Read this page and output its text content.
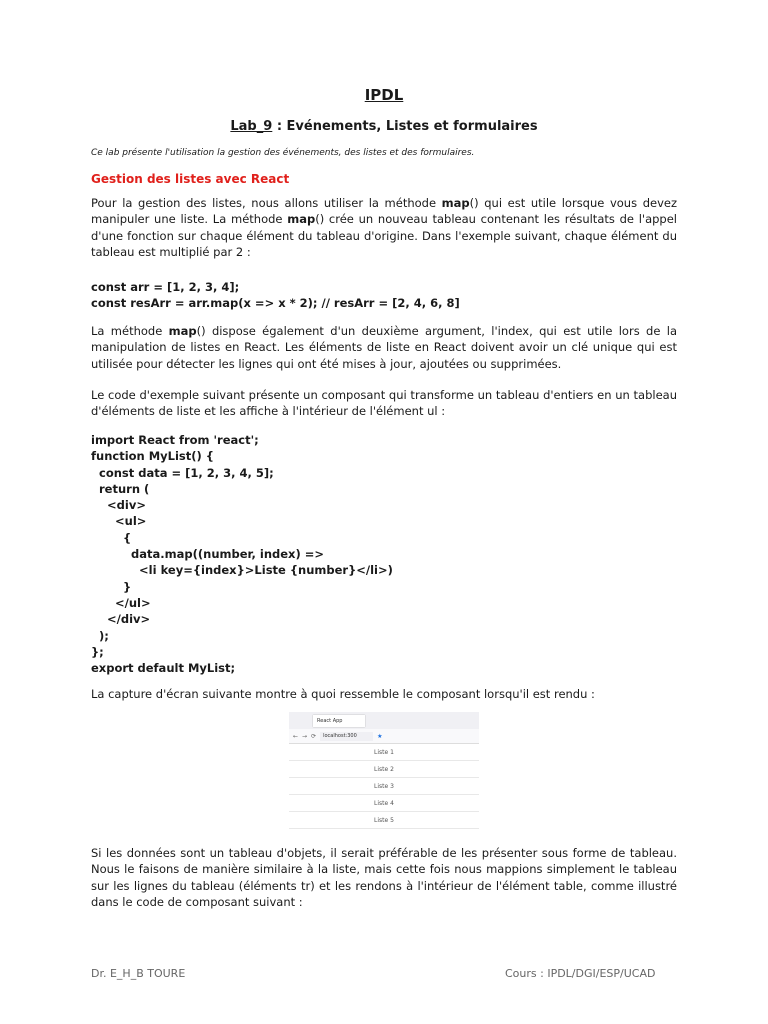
IPDL
Lab_9 : Evénements, Listes et formulaires
Ce lab présente l'utilisation la gestion des événements, des listes et des formulaires.
Gestion des listes avec React
Pour la gestion des listes, nous allons utiliser la méthode map() qui est utile lorsque vous devez manipuler une liste. La méthode map() crée un nouveau tableau contenant les résultats de l'appel d'une fonction sur chaque élément du tableau d'origine. Dans l'exemple suivant, chaque élément du tableau est multiplié par 2 :
const arr = [1, 2, 3, 4];
const resArr = arr.map(x => x * 2); // resArr = [2, 4, 6, 8]
La méthode map() dispose également d'un deuxième argument, l'index, qui est utile lors de la manipulation de listes en React. Les éléments de liste en React doivent avoir un clé unique qui est utilisée pour détecter les lignes qui ont été mises à jour, ajoutées ou supprimées.
Le code d'exemple suivant présente un composant qui transforme un tableau d'entiers en un tableau d'éléments de liste et les affiche à l'intérieur de l'élément ul :
import React from 'react';
function MyList() {
const data = [1, 2, 3, 4, 5];
return (
<div>
<ul>
{
data.map((number, index) =>
<li key={index}>Liste {number}</li>)
}
</ul>
</div>
);
};
export default MyList;
La capture d'écran suivante montre à quoi ressemble le composant lorsqu'il est rendu :
React App
← → ⟳	localhost:300	★
Liste 1
Liste 2
Liste 3
Liste 4
Liste 5
Si les données sont un tableau d'objets, il serait préférable de les présenter sous forme de tableau. Nous le faisons de manière similaire à la liste, mais cette fois nous mappions simplement le tableau sur les lignes du tableau (éléments tr) et les rendons à l'intérieur de l'élément table, comme illustré dans le code de composant suivant :
Dr. E_H_B TOURE	Cours : IPDL/DGI/ESP/UCAD
